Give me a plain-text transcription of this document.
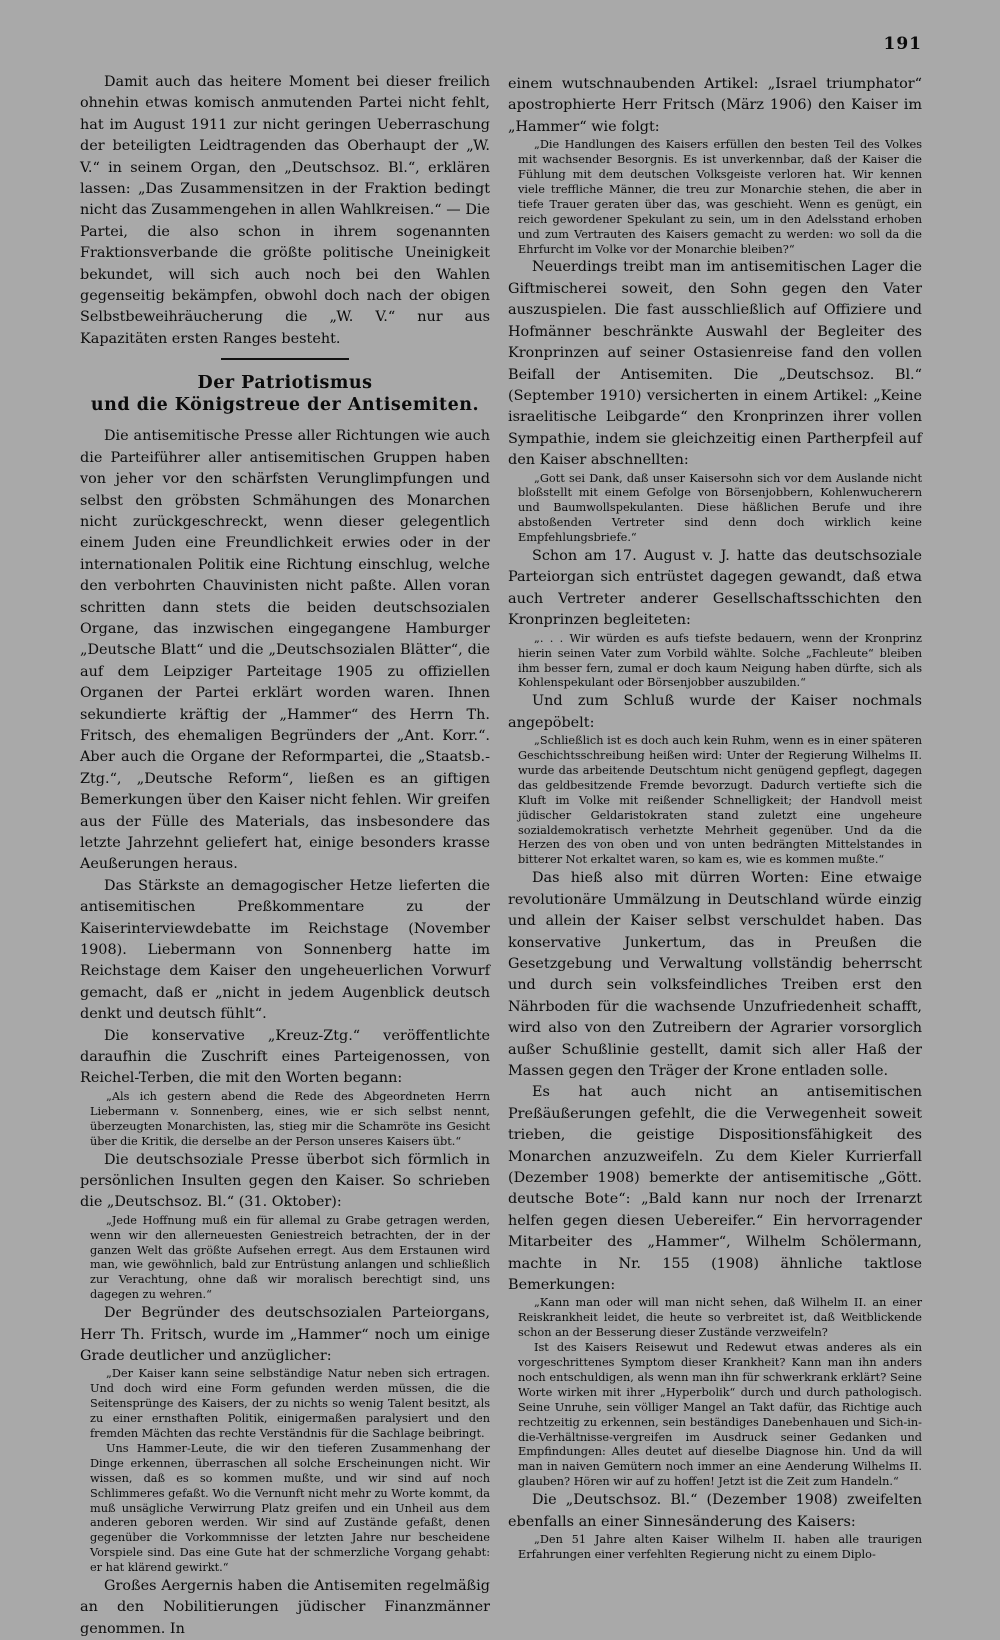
191

Damit auch das heitere Moment bei dieser freilich ohnehin etwas komisch anmutenden Partei nicht fehlt, hat im August 1911 zur nicht geringen Ueberraschung der beteiligten Leidtragenden das Oberhaupt der „W. V.“ in seinem Organ, den „Deutschsoz. Bl.“, erklären lassen: „Das Zusammensitzen in der Fraktion bedingt nicht das Zusammengehen in allen Wahlkreisen.“ — Die Partei, die also schon in ihrem sogenannten Fraktionsverbande die größte politische Uneinigkeit bekundet, will sich auch noch bei den Wahlen gegenseitig bekämpfen, obwohl doch nach der obigen Selbstbeweihräucherung die „W. V.“ nur aus Kapazitäten ersten Ranges besteht.

Der Patriotismus
und die Königstreue der Antisemiten.

Die antisemitische Presse aller Richtungen wie auch die Parteiführer aller antisemitischen Gruppen haben von jeher vor den schärfsten Verunglimpfungen und selbst den gröbsten Schmähungen des Monarchen nicht zurückgeschreckt, wenn dieser gelegentlich einem Juden eine Freundlichkeit erwies oder in der internationalen Politik eine Richtung einschlug, welche den verbohrten Chauvinisten nicht paßte. Allen voran schritten dann stets die beiden deutschsozialen Organe, das inzwischen eingegangene Hamburger „Deutsche Blatt“ und die „Deutschsozialen Blätter“, die auf dem Leipziger Parteitage 1905 zu offiziellen Organen der Partei erklärt worden waren. Ihnen sekundierte kräftig der „Hammer“ des Herrn Th. Fritsch, des ehemaligen Begründers der „Ant. Korr.“. Aber auch die Organe der Reformpartei, die „Staatsb.-Ztg.“, „Deutsche Reform“, ließen es an giftigen Bemerkungen über den Kaiser nicht fehlen. Wir greifen aus der Fülle des Materials, das insbesondere das letzte Jahrzehnt geliefert hat, einige besonders krasse Aeußerungen heraus.

Das Stärkste an demagogischer Hetze lieferten die antisemitischen Preßkommentare zu der Kaiserinterviewdebatte im Reichstage (November 1908). Liebermann von Sonnenberg hatte im Reichstage dem Kaiser den ungeheuerlichen Vorwurf gemacht, daß er „nicht in jedem Augenblick deutsch denkt und deutsch fühlt“.

Die konservative „Kreuz-Ztg.“ veröffentlichte daraufhin die Zuschrift eines Parteigenossen, von Reichel-Terben, die mit den Worten begann:

„Als ich gestern abend die Rede des Abgeordneten Herrn Liebermann v. Sonnenberg, eines, wie er sich selbst nennt, überzeugten Monarchisten, las, stieg mir die Schamröte ins Gesicht über die Kritik, die derselbe an der Person unseres Kaisers übt.“

Die deutschsoziale Presse überbot sich förmlich in persönlichen Insulten gegen den Kaiser. So schrieben die „Deutschsoz. Bl.“ (31. Oktober):

„Jede Hoffnung muß ein für allemal zu Grabe getragen werden, wenn wir den allerneuesten Geniestreich betrachten, der in der ganzen Welt das größte Aufsehen erregt. Aus dem Erstaunen wird man, wie gewöhnlich, bald zur Entrüstung anlangen und schließlich zur Verachtung, ohne daß wir moralisch berechtigt sind, uns dagegen zu wehren.“

Der Begründer des deutschsozialen Parteiorgans, Herr Th. Fritsch, wurde im „Hammer“ noch um einige Grade deutlicher und anzüglicher:

„Der Kaiser kann seine selbständige Natur neben sich ertragen. Und doch wird eine Form gefunden werden müssen, die die Seitensprünge des Kaisers, der zu nichts so wenig Talent besitzt, als zu einer ernsthaften Politik, einigermaßen paralysiert und den fremden Mächten das rechte Verständnis für die Sachlage beibringt.

Uns Hammer-Leute, die wir den tieferen Zusammenhang der Dinge erkennen, überraschen all solche Erscheinungen nicht. Wir wissen, daß es so kommen mußte, und wir sind auf noch Schlimmeres gefaßt. Wo die Vernunft nicht mehr zu Worte kommt, da muß unsägliche Verwirrung Platz greifen und ein Unheil aus dem anderen geboren werden. Wir sind auf Zustände gefaßt, denen gegenüber die Vorkommnisse der letzten Jahre nur bescheidene Vorspiele sind. Das eine Gute hat der schmerzliche Vorgang gehabt: er hat klärend gewirkt.“

Großes Aergernis haben die Antisemiten regelmäßig an den Nobilitierungen jüdischer Finanzmänner genommen. In

einem wutschnaubenden Artikel: „Israel triumphator“ apostrophierte Herr Fritsch (März 1906) den Kaiser im „Hammer“ wie folgt:

„Die Handlungen des Kaisers erfüllen den besten Teil des Volkes mit wachsender Besorgnis. Es ist unverkennbar, daß der Kaiser die Fühlung mit dem deutschen Volksgeiste verloren hat. Wir kennen viele treffliche Männer, die treu zur Monarchie stehen, die aber in tiefe Trauer geraten über das, was geschieht. Wenn es genügt, ein reich gewordener Spekulant zu sein, um in den Adelsstand erhoben und zum Vertrauten des Kaisers gemacht zu werden: wo soll da die Ehrfurcht im Volke vor der Monarchie bleiben?“

Neuerdings treibt man im antisemitischen Lager die Giftmischerei soweit, den Sohn gegen den Vater auszuspielen. Die fast ausschließlich auf Offiziere und Hofmänner beschränkte Auswahl der Begleiter des Kronprinzen auf seiner Ostasienreise fand den vollen Beifall der Antisemiten. Die „Deutschsoz. Bl.“ (September 1910) versicherten in einem Artikel: „Keine israelitische Leibgarde“ den Kronprinzen ihrer vollen Sympathie, indem sie gleichzeitig einen Partherpfeil auf den Kaiser abschnellten:

„Gott sei Dank, daß unser Kaisersohn sich vor dem Auslande nicht bloßstellt mit einem Gefolge von Börsenjobbern, Kohlenwucherern und Baumwollspekulanten. Diese häßlichen Berufe und ihre abstoßenden Vertreter sind denn doch wirklich keine Empfehlungsbriefe.“

Schon am 17. August v. J. hatte das deutschsoziale Parteiorgan sich entrüstet dagegen gewandt, daß etwa auch Vertreter anderer Gesellschaftsschichten den Kronprinzen begleiteten:

„. . . Wir würden es aufs tiefste bedauern, wenn der Kronprinz hierin seinen Vater zum Vorbild wählte. Solche „Fachleute“ bleiben ihm besser fern, zumal er doch kaum Neigung haben dürfte, sich als Kohlenspekulant oder Börsenjobber auszubilden.“

Und zum Schluß wurde der Kaiser nochmals angepöbelt:

„Schließlich ist es doch auch kein Ruhm, wenn es in einer späteren Geschichtsschreibung heißen wird: Unter der Regierung Wilhelms II. wurde das arbeitende Deutschtum nicht genügend gepflegt, dagegen das geldbesitzende Fremde bevorzugt. Dadurch vertiefte sich die Kluft im Volke mit reißender Schnelligkeit; der Handvoll meist jüdischer Geldaristokraten stand zuletzt eine ungeheure sozialdemokratisch verhetzte Mehrheit gegenüber. Und da die Herzen des von oben und von unten bedrängten Mittelstandes in bitterer Not erkaltet waren, so kam es, wie es kommen mußte.“

Das hieß also mit dürren Worten: Eine etwaige revolutionäre Ummälzung in Deutschland würde einzig und allein der Kaiser selbst verschuldet haben. Das konservative Junkertum, das in Preußen die Gesetzgebung und Verwaltung vollständig beherrscht und durch sein volksfeindliches Treiben erst den Nährboden für die wachsende Unzufriedenheit schafft, wird also von den Zutreibern der Agrarier vorsorglich außer Schußlinie gestellt, damit sich aller Haß der Massen gegen den Träger der Krone entladen solle.

Es hat auch nicht an antisemitischen Preßäußerungen gefehlt, die die Verwegenheit soweit trieben, die geistige Dispositionsfähigkeit des Monarchen anzuzweifeln. Zu dem Kieler Kurrierfall (Dezember 1908) bemerkte der antisemitische „Gött. deutsche Bote“: „Bald kann nur noch der Irrenarzt helfen gegen diesen Uebereifer.“ Ein hervorragender Mitarbeiter des „Hammer“, Wilhelm Schölermann, machte in Nr. 155 (1908) ähnliche taktlose Bemerkungen:

„Kann man oder will man nicht sehen, daß Wilhelm II. an einer Reiskrankheit leidet, die heute so verbreitet ist, daß Weitblickende schon an der Besserung dieser Zustände verzweifeln?

Ist des Kaisers Reisewut und Redewut etwas anderes als ein vorgeschrittenes Symptom dieser Krankheit? Kann man ihn anders noch entschuldigen, als wenn man ihn für schwerkrank erklärt? Seine Worte wirken mit ihrer „Hyperbolik“ durch und durch pathologisch. Seine Unruhe, sein völliger Mangel an Takt dafür, das Richtige auch rechtzeitig zu erkennen, sein beständiges Danebenhauen und Sich-in-die-Verhältnisse-vergreifen im Ausdruck seiner Gedanken und Empfindungen: Alles deutet auf dieselbe Diagnose hin. Und da will man in naiven Gemütern noch immer an eine Aenderung Wilhelms II. glauben? Hören wir auf zu hoffen! Jetzt ist die Zeit zum Handeln.“

Die „Deutschsoz. Bl.“ (Dezember 1908) zweifelten ebenfalls an einer Sinnesänderung des Kaisers:

„Den 51 Jahre alten Kaiser Wilhelm II. haben alle traurigen Erfahrungen einer verfehlten Regierung nicht zu einem Diplo-
